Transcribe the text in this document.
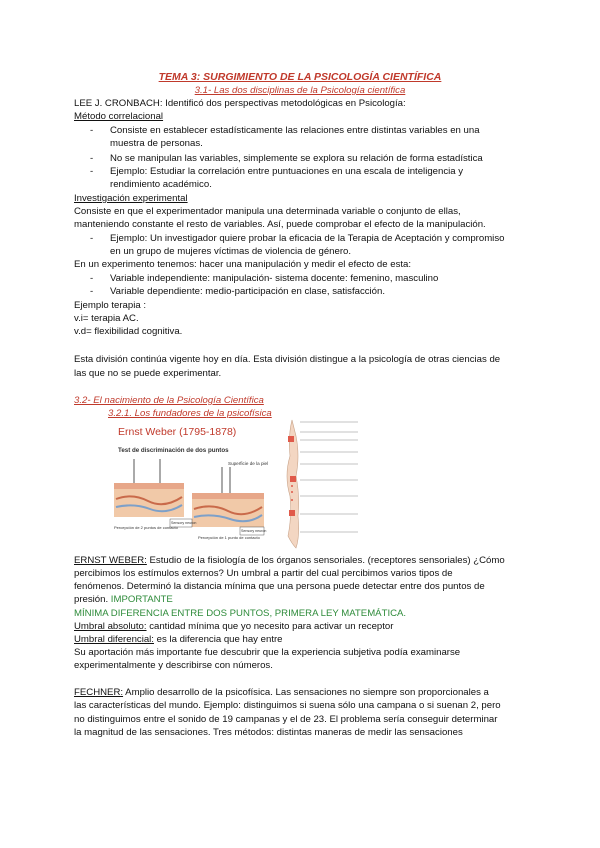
TEMA 3: SURGIMIENTO DE LA PSICOLOGÍA CIENTÍFICA
3.1- Las dos disciplinas de la Psicología científica
LEE J. CRONBACH: Identificó dos perspectivas metodológicas en Psicología:
Método correlacional
- Consiste en establecer estadísticamente las relaciones entre distintas variables en una
muestra de personas.
- No se manipulan las variables, simplemente se explora su relación de forma estadística
- Ejemplo: Estudiar la correlación entre puntuaciones en una escala de inteligencia y
rendimiento académico.
Investigación experimental
Consiste en que el experimentador manipula una determinada variable o conjunto de ellas,
manteniendo constante el resto de variables. Así, puede comprobar el efecto de la manipulación.
- Ejemplo: Un investigador quiere probar la eficacia de la Terapia de Aceptación y compromiso
en un grupo de mujeres víctimas de violencia de género.
En un experimento tenemos: hacer una manipulación y medir el efecto de esta:
- Variable independiente: manipulación- sistema docente: femenino, masculino
- Variable dependiente: medio-participación en clase, satisfacción.
Ejemplo terapia :
v.i= terapia AC.
v.d= flexibilidad cognitiva.
Esta división continúa vigente hoy en día. Esta división distingue a la psicología de otras ciencias de
las que no se puede experimentar.
3.2- El nacimiento de la Psicología Científica
3.2.1. Los fundadores de la psicofísica
Ernst Weber (1795-1878)
Test de discriminación de dos puntos
Superficie de la piel
Sensory neuron
Sensory neuron
Percepción de 2 puntos de contacto
Percepción de 1 punto de contacto
ERNST WEBER: Estudio de la fisiología de los órganos sensoriales. (receptores sensoriales) ¿Cómo
percibimos los estímulos externos? Un umbral a partir del cual percibimos varios tipos de
fenómenos. Determinó la distancia mínima que una persona puede detectar entre dos puntos de
presión. IMPORTANTE
MÍNIMA DIFERENCIA ENTRE DOS PUNTOS, PRIMERA LEY MATEMÁTICA.
Umbral absoluto: cantidad mínima que yo necesito para activar un receptor
Umbral diferencial: es la diferencia que hay entre
Su aportación más importante fue descubrir que la experiencia subjetiva podía examinarse
experimentalmente y describirse con números.
FECHNER: Amplio desarrollo de la psicofísica. Las sensaciones no siempre son proporcionales a
las características del mundo. Ejemplo: distinguimos si suena sólo una campana o si suenan 2, pero
no distinguimos entre el sonido de 19 campanas y el de 23. El problema sería conseguir determinar
la magnitud de las sensaciones. Tres métodos: distintas maneras de medir las sensaciones
